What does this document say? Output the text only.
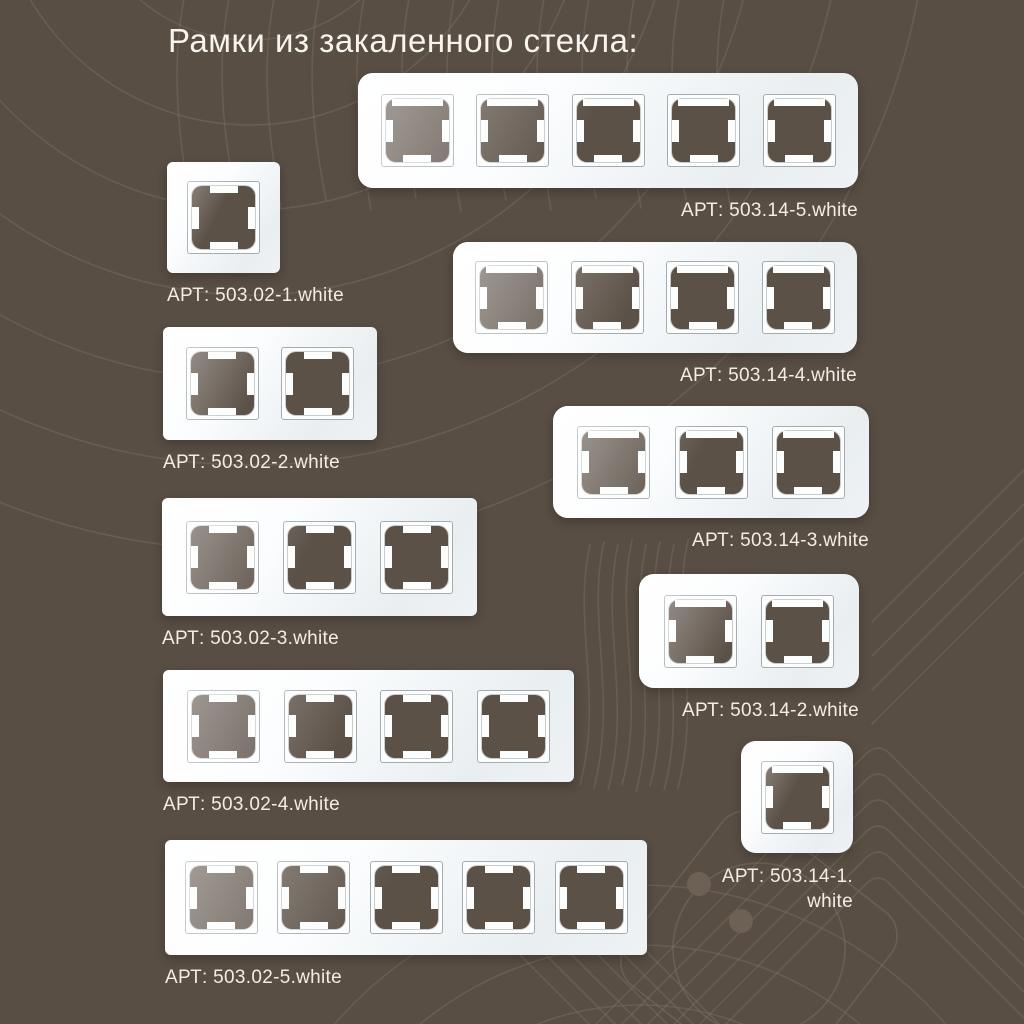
Рамки из закаленного стекла:
АРТ: 503.02-1.white
АРТ: 503.02-2.white
АРТ: 503.02-3.white
АРТ: 503.02-4.white
АРТ: 503.02-5.white
АРТ: 503.14-5.white
АРТ: 503.14-4.white
АРТ: 503.14-3.white
АРТ: 503.14-2.white
АРТ: 503.14-1.
white
